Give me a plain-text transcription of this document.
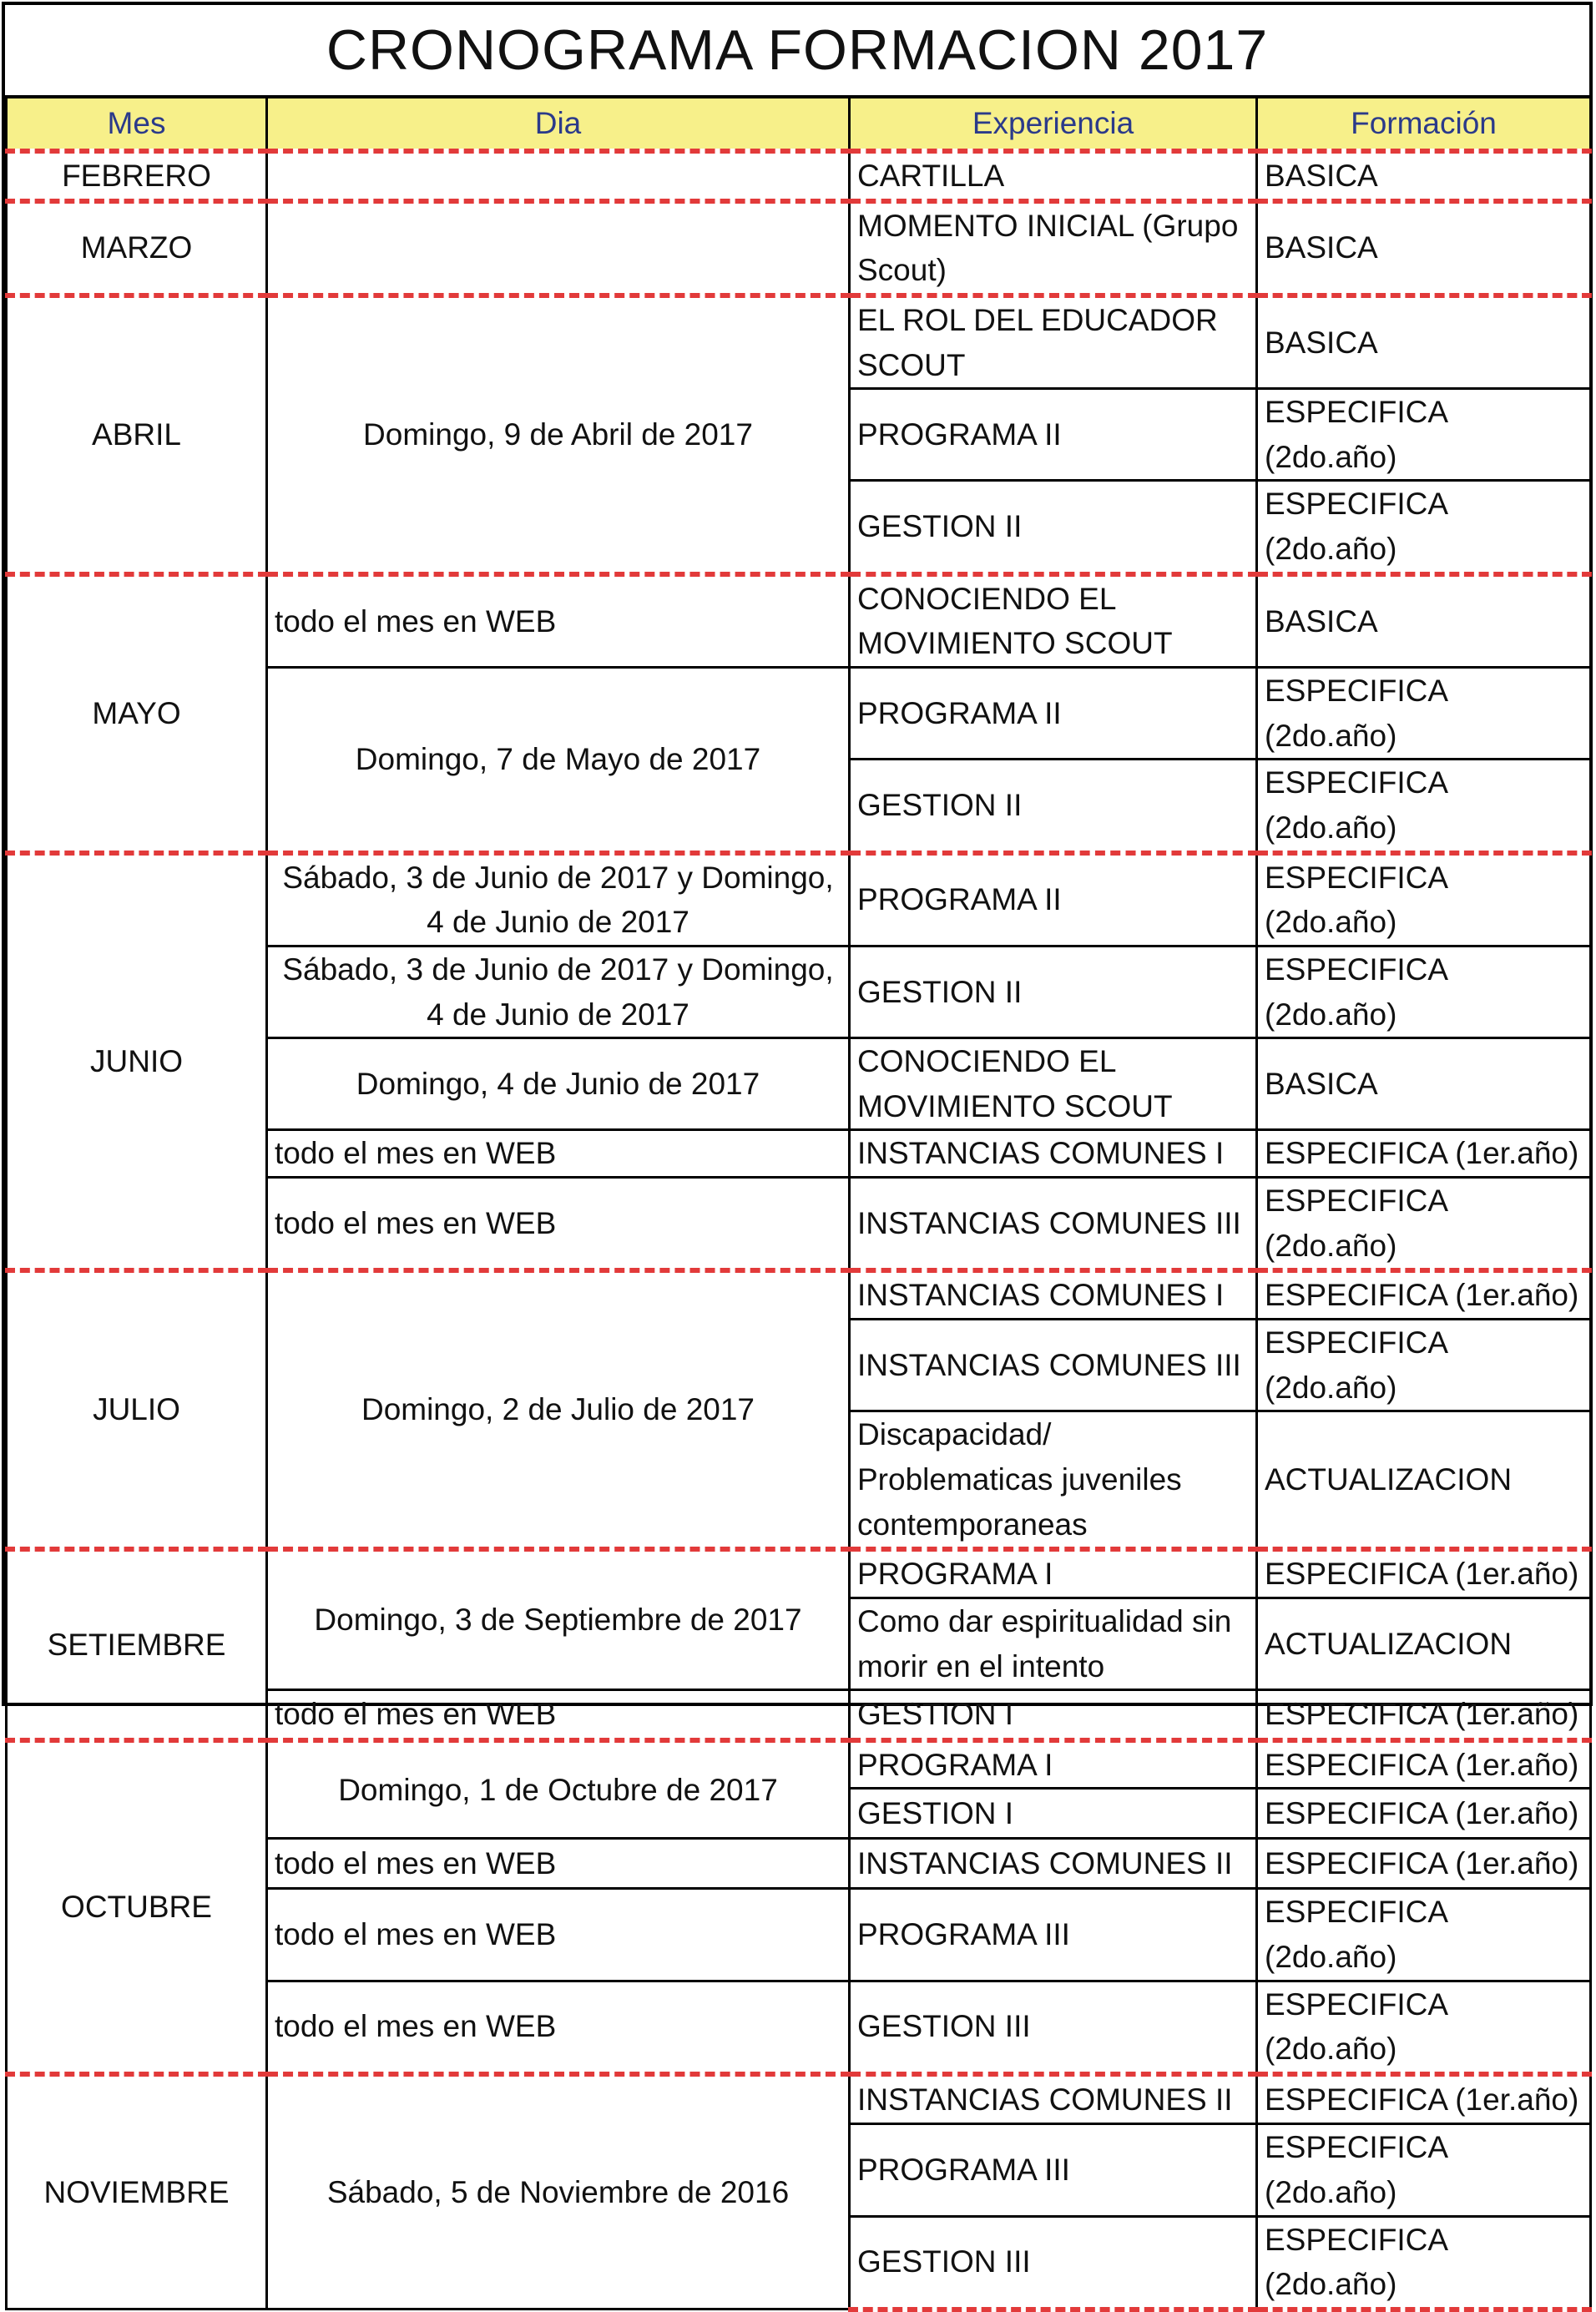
CRONOGRAMA FORMACION 2017
Mes	Dia	Experiencia	Formación
FEBRERO		CARTILLA	BASICA
MARZO		MOMENTO INICIAL (Grupo Scout)	BASICA
ABRIL	Domingo, 9 de Abril de 2017	EL ROL DEL EDUCADOR SCOUT	BASICA
		PROGRAMA II	ESPECIFICA (2do.año)
		GESTION II	ESPECIFICA (2do.año)
MAYO	todo el mes en WEB	CONOCIENDO EL MOVIMIENTO SCOUT	BASICA
	Domingo, 7 de Mayo de 2017	PROGRAMA II	ESPECIFICA (2do.año)
		GESTION II	ESPECIFICA (2do.año)
JUNIO	Sábado, 3 de Junio de 2017 y Domingo, 4 de Junio de 2017	PROGRAMA II	ESPECIFICA (2do.año)
	Sábado, 3 de Junio de 2017 y Domingo, 4 de Junio de 2017	GESTION II	ESPECIFICA (2do.año)
	Domingo, 4 de Junio de 2017	CONOCIENDO EL MOVIMIENTO SCOUT	BASICA
	todo el mes en WEB	INSTANCIAS COMUNES I	ESPECIFICA (1er.año)
	todo el mes en WEB	INSTANCIAS COMUNES III	ESPECIFICA (2do.año)
JULIO	Domingo, 2 de Julio de 2017	INSTANCIAS COMUNES I	ESPECIFICA (1er.año)
		INSTANCIAS COMUNES III	ESPECIFICA (2do.año)
		Discapacidad/ Problematicas juveniles contemporaneas	ACTUALIZACION
SETIEMBRE	Domingo, 3 de Septiembre de 2017	PROGRAMA I	ESPECIFICA (1er.año)
		Como dar espiritualidad sin morir en el intento	ACTUALIZACION
	todo el mes en WEB	GESTION I	ESPECIFICA (1er.año)
OCTUBRE	Domingo, 1 de Octubre de 2017	PROGRAMA I	ESPECIFICA (1er.año)
		GESTION I	ESPECIFICA (1er.año)
	todo el mes en WEB	INSTANCIAS COMUNES II	ESPECIFICA (1er.año)
	todo el mes en WEB	PROGRAMA III	ESPECIFICA (2do.año)
	todo el mes en WEB	GESTION III	ESPECIFICA (2do.año)
NOVIEMBRE	Sábado, 5 de Noviembre de 2016	INSTANCIAS COMUNES II	ESPECIFICA (1er.año)
		PROGRAMA III	ESPECIFICA (2do.año)
		GESTION III	ESPECIFICA (2do.año)
